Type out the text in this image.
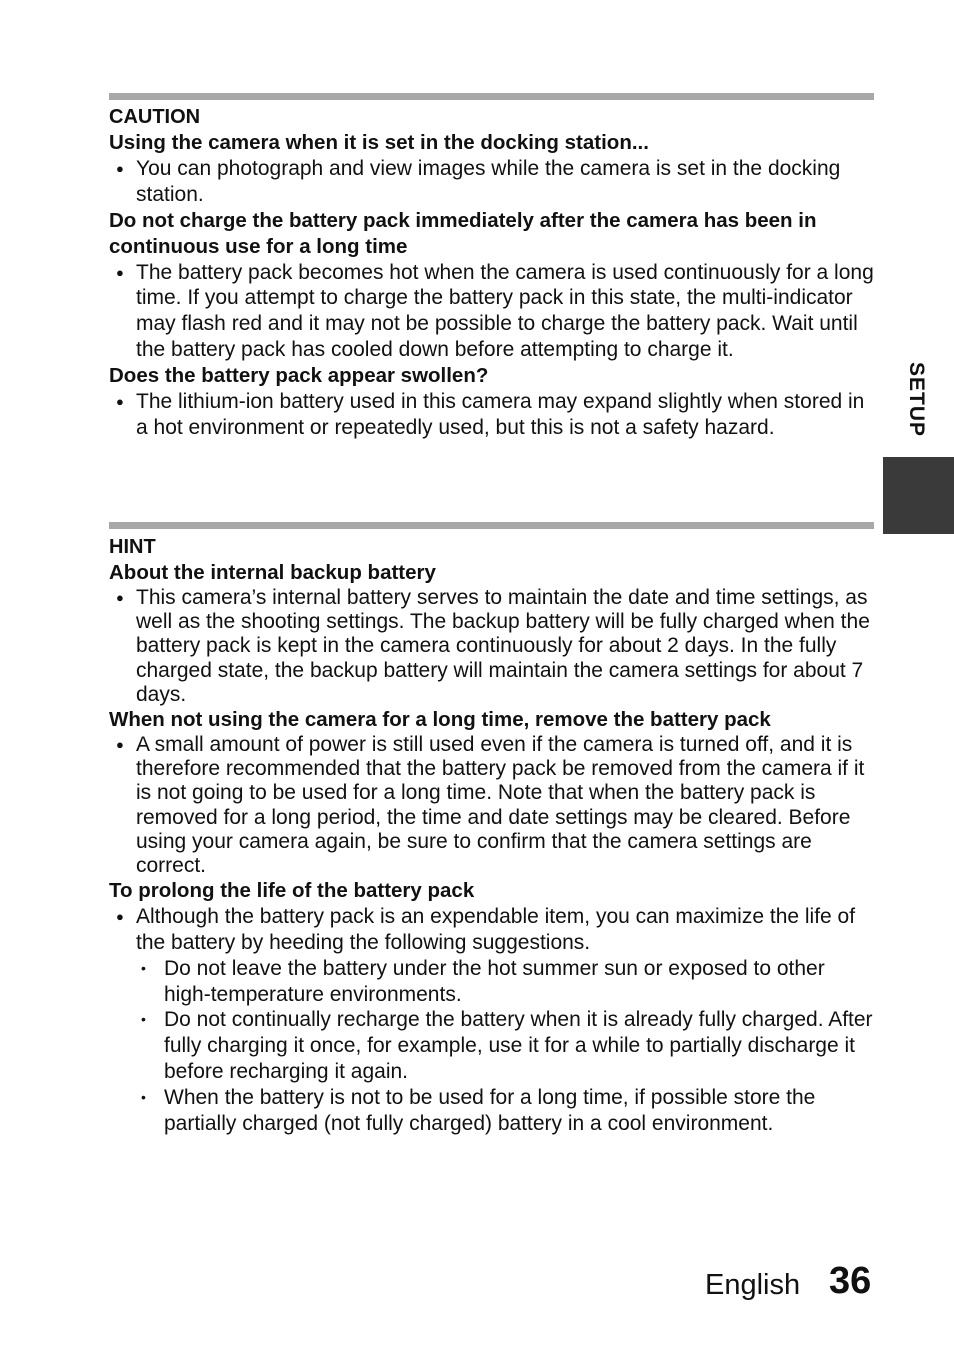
CAUTION
Using the camera when it is set in the docking station...
● You can photograph and view images while the camera is set in the docking station.
Do not charge the battery pack immediately after the camera has been in continuous use for a long time
● The battery pack becomes hot when the camera is used continuously for a long time. If you attempt to charge the battery pack in this state, the multi-indicator may flash red and it may not be possible to charge the battery pack. Wait until the battery pack has cooled down before attempting to charge it.
Does the battery pack appear swollen?
● The lithium-ion battery used in this camera may expand slightly when stored in a hot environment or repeatedly used, but this is not a safety hazard.
HINT
About the internal backup battery
● This camera’s internal battery serves to maintain the date and time settings, as well as the shooting settings. The backup battery will be fully charged when the battery pack is kept in the camera continuously for about 2 days. In the fully charged state, the backup battery will maintain the camera settings for about 7 days.
When not using the camera for a long time, remove the battery pack
● A small amount of power is still used even if the camera is turned off, and it is therefore recommended that the battery pack be removed from the camera if it is not going to be used for a long time. Note that when the battery pack is removed for a long period, the time and date settings may be cleared. Before using your camera again, be sure to confirm that the camera settings are correct.
To prolong the life of the battery pack
● Although the battery pack is an expendable item, you can maximize the life of the battery by heeding the following suggestions.
• Do not leave the battery under the hot summer sun or exposed to other high-temperature environments.
• Do not continually recharge the battery when it is already fully charged. After fully charging it once, for example, use it for a while to partially discharge it before recharging it again.
• When the battery is not to be used for a long time, if possible store the partially charged (not fully charged) battery in a cool environment.
SETUP
English 36
